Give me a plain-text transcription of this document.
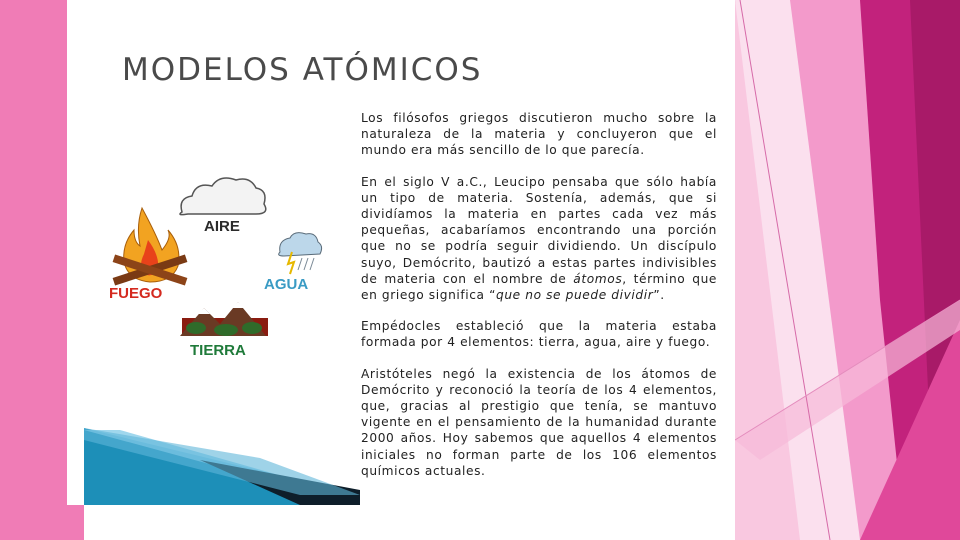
MODELOS ATÓMICOS
AIRE
FUEGO
AGUA
TIERRA

Los filósofos griegos discutieron mucho sobre la naturaleza de la materia y concluyeron que el mundo era más sencillo de lo que parecía.

En el siglo V a.C., Leucipo pensaba que sólo había un tipo de materia. Sostenía, además, que si dividíamos la materia en partes cada vez más pequeñas, acabaríamos encontrando una porción que no se podría seguir dividiendo. Un discípulo suyo, Demócrito, bautizó a estas partes indivisibles de materia con el nombre de átomos, término que en griego significa “que no se puede dividir”.

Empédocles estableció que la materia estaba formada por 4 elementos: tierra, agua, aire y fuego.

Aristóteles negó la existencia de los átomos de Demócrito y reconoció la teoría de los 4 elementos, que, gracias al prestigio que tenía, se mantuvo vigente en el pensamiento de la humanidad durante 2000 años. Hoy sabemos que aquellos 4 elementos iniciales no forman parte de los 106 elementos químicos actuales.
